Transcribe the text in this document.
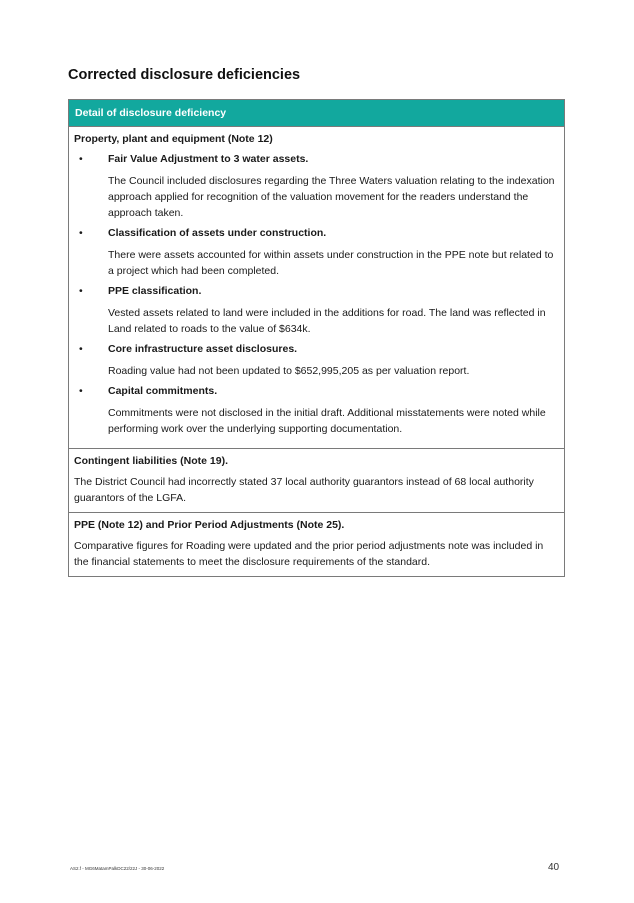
Corrected disclosure deficiencies
Detail of disclosure deficiency
Property, plant and equipment (Note 12)
• Fair Value Adjustment to 3 water assets.
The Council included disclosures regarding the Three Waters valuation relating to the indexation approach applied for recognition of the valuation movement for the readers understand the approach taken.
• Classification of assets under construction.
There were assets accounted for within assets under construction in the PPE note but related to a project which had been completed.
• PPE classification.
Vested assets related to land were included in the additions for road. The land was reflected in Land related to roads to the value of $634k.
• Core infrastructure asset disclosures.
Roading value had not been updated to $652,995,205 as per valuation report.
• Capital commitments.
Commitments were not disclosed in the initial draft. Additional misstatements were noted while performing work over the underlying supporting documentation.
Contingent liabilities (Note 19).

The District Council had incorrectly stated 37 local authority guarantors instead of 68 local authority guarantors of the LGFA.

PPE (Note 12) and Prior Period Adjustments (Note 25).

Comparative figures for Roading were updated and the prior period adjustments note was included in the financial statements to meet the disclosure requirements of the standard.

AS2.f - MG6MatamPalkDC22/22J - 30-06-2022	40
